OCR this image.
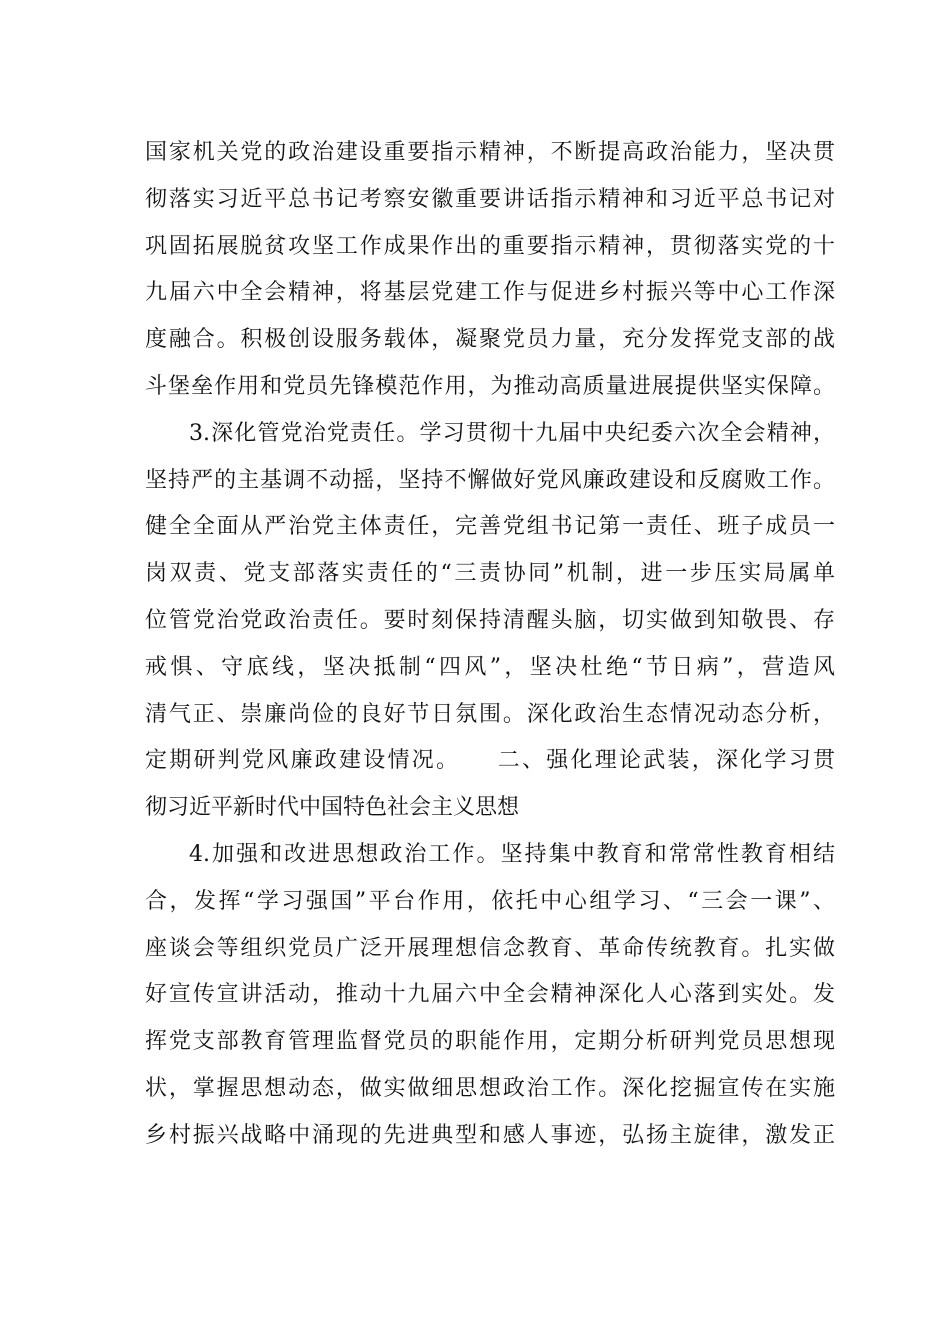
国家机关党的政治建设重要指示精神，不断提高政治能力，坚决贯
彻落实习近平总书记考察安徽重要讲话指示精神和习近平总书记对
巩固拓展脱贫攻坚工作成果作出的重要指示精神，贯彻落实党的十
九届六中全会精神，将基层党建工作与促进乡村振兴等中心工作深
度融合。积极创设服务载体，凝聚党员力量，充分发挥党支部的战
斗堡垒作用和党员先锋模范作用，为推动高质量进展提供坚实保障。
3.深化管党治党责任。学习贯彻十九届中央纪委六次全会精神，
坚持严的主基调不动摇，坚持不懈做好党风廉政建设和反腐败工作。
健全全面从严治党主体责任，完善党组书记第一责任、班子成员一
岗双责、党支部落实责任的“三责协同”机制，进一步压实局属单
位管党治党政治责任。要时刻保持清醒头脑，切实做到知敬畏、存
戒惧、守底线，坚决抵制“四风”，坚决杜绝“节日病”，营造风
清气正、崇廉尚俭的良好节日氛围。深化政治生态情况动态分析，
定期研判党风廉政建设情况。　　二、强化理论武装，深化学习贯
彻习近平新时代中国特色社会主义思想
4.加强和改进思想政治工作。坚持集中教育和常常性教育相结
合，发挥“学习强国”平台作用，依托中心组学习、“三会一课”、
座谈会等组织党员广泛开展理想信念教育、革命传统教育。扎实做
好宣传宣讲活动，推动十九届六中全会精神深化人心落到实处。发
挥党支部教育管理监督党员的职能作用，定期分析研判党员思想现
状，掌握思想动态，做实做细思想政治工作。深化挖掘宣传在实施
乡村振兴战略中涌现的先进典型和感人事迹，弘扬主旋律，激发正
